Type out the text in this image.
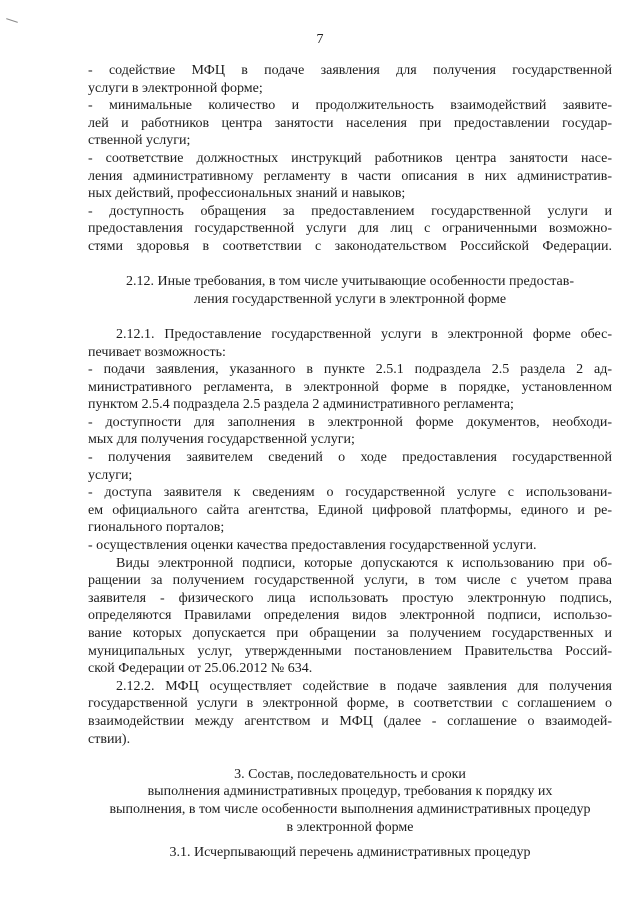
7

- содействие МФЦ в подаче заявления для получения государственной

услуги в электронной форме;

- минимальные количество и продолжительность взаимодействий заявите-

лей и работников центра занятости населения при предоставлении государ-

ственной услуги;

- соответствие должностных инструкций работников центра занятости насе-

ления административному регламенту в части описания в них административ-

ных действий, профессиональных знаний и навыков;

- доступность обращения за предоставлением государственной услуги и

предоставления государственной услуги для лиц с ограниченными возможно-

стями здоровья в соответствии с законодательством Российской Федерации.

2.12. Иные требования, в том числе учитывающие особенности предостав-

ления государственной услуги в электронной форме

2.12.1. Предоставление государственной услуги в электронной форме обес-

печивает возможность:

- подачи заявления, указанного в пункте 2.5.1 подраздела 2.5 раздела 2 ад-

министративного регламента, в электронной форме в порядке, установленном

пунктом 2.5.4 подраздела 2.5 раздела 2 административного регламента;

- доступности для заполнения в электронной форме документов, необходи-

мых для получения государственной услуги;

- получения заявителем сведений о ходе предоставления государственной

услуги;

- доступа заявителя к сведениям о государственной услуге с использовани-

ем официального сайта агентства, Единой цифровой платформы, единого и ре-

гионального порталов;

- осуществления оценки качества предоставления государственной услуги.

Виды электронной подписи, которые допускаются к использованию при об-

ращении за получением государственной услуги, в том числе с учетом права

заявителя - физического лица использовать простую электронную подпись,

определяются Правилами определения видов электронной подписи, использо-

вание которых допускается при обращении за получением государственных и

муниципальных услуг, утвержденными постановлением Правительства Россий-

ской Федерации от 25.06.2012 № 634.

2.12.2. МФЦ осуществляет содействие в подаче заявления для получения

государственной услуги в электронной форме, в соответствии с соглашением о

взаимодействии между агентством и МФЦ (далее - соглашение о взаимодей-

ствии).

3. Состав, последовательность и сроки

выполнения административных процедур, требования к порядку их

выполнения, в том числе особенности выполнения административных процедур

в электронной форме

3.1. Исчерпывающий перечень административных процедур
